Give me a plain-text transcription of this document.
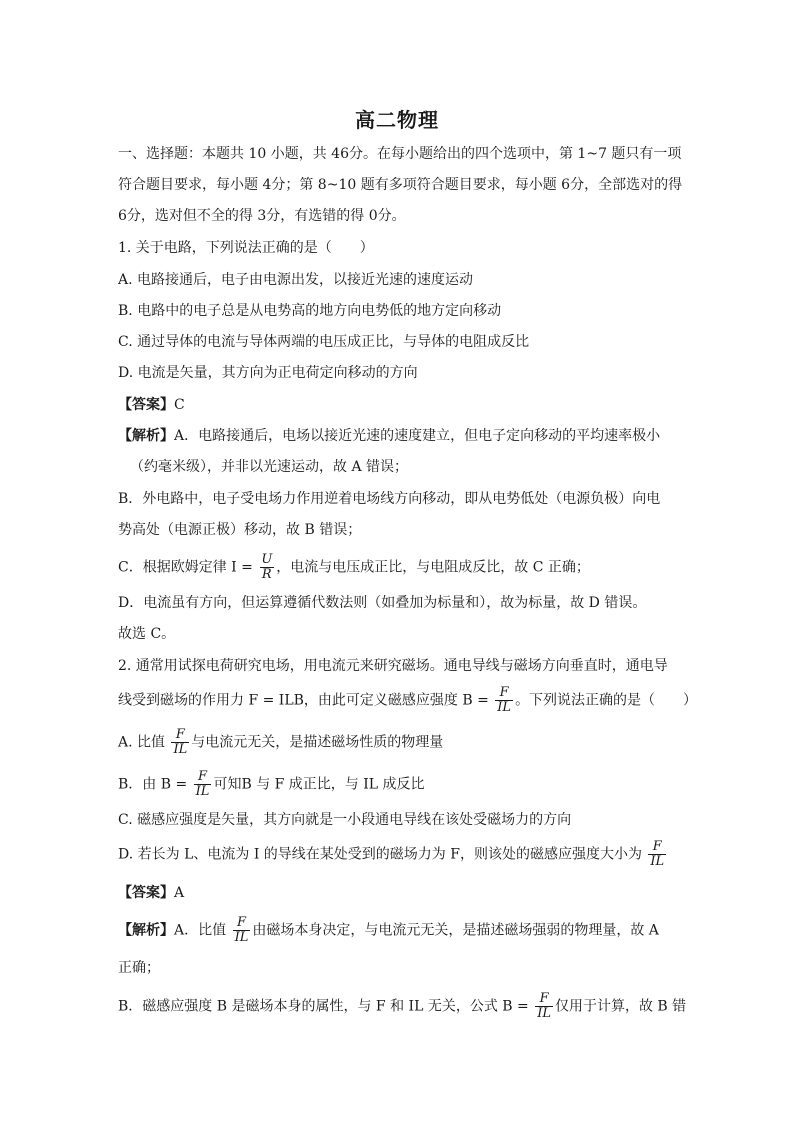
高二物理
一、选择题：本题共 10 小题，共 46分。在每小题给出的四个选项中，第 1~7 题只有一项
符合题目要求，每小题 4分；第 8~10 题有多项符合题目要求，每小题 6分，全部选对的得
6分，选对但不全的得 3分，有选错的得 0分。
1. 关于电路，下列说法正确的是（　　）
A. 电路接通后，电子由电源出发，以接近光速的速度运动
B. 电路中的电子总是从电势高的地方向电势低的地方定向移动
C. 通过导体的电流与导体两端的电压成正比，与导体的电阻成反比
D. 电流是矢量，其方向为正电荷定向移动的方向
【答案】C
【解析】A．电路接通后，电场以接近光速的速度建立，但电子定向移动的平均速率极小
（约毫米级），并非以光速运动，故 A 错误；
B．外电路中，电子受电场力作用逆着电场线方向移动，即从电势低处（电源负极）向电
势高处（电源正极）移动，故 B 错误；
C．根据欧姆定律 $I = \frac{U}{R}$ ，电流与电压成正比，与电阻成反比，故 C 正确；
D．电流虽有方向，但运算遵循代数法则（如叠加为标量和），故为标量，故 D 错误。
故选 C。
2. 通常用试探电荷研究电场，用电流元来研究磁场。通电导线与磁场方向垂直时，通电导
线受到磁场的作用力 F = ILB，由此可定义磁感应强度 $B = \frac{F}{IL}$ 。下列说法正确的是（　　）
A. 比值 $\frac{F}{IL}$ 与电流元无关，是描述磁场性质的物理量
B．由 $B = \frac{F}{IL}$ 可知B 与 F 成正比，与 IL 成反比
C. 磁感应强度是矢量，其方向就是一小段通电导线在该处受磁场力的方向
D. 若长为 L、电流为 I 的导线在某处受到的磁场力为 F，则该处的磁感应强度大小为 $\frac{F}{IL}$
【答案】A
【解析】A．比值 $\frac{F}{IL}$ 由磁场本身决定，与电流元无关，是描述磁场强弱的物理量，故 A
正确；
B．磁感应强度 B 是磁场本身的属性，与 F 和 IL 无关，公式 $B = \frac{F}{IL}$ 仅用于计算，故 B 错
